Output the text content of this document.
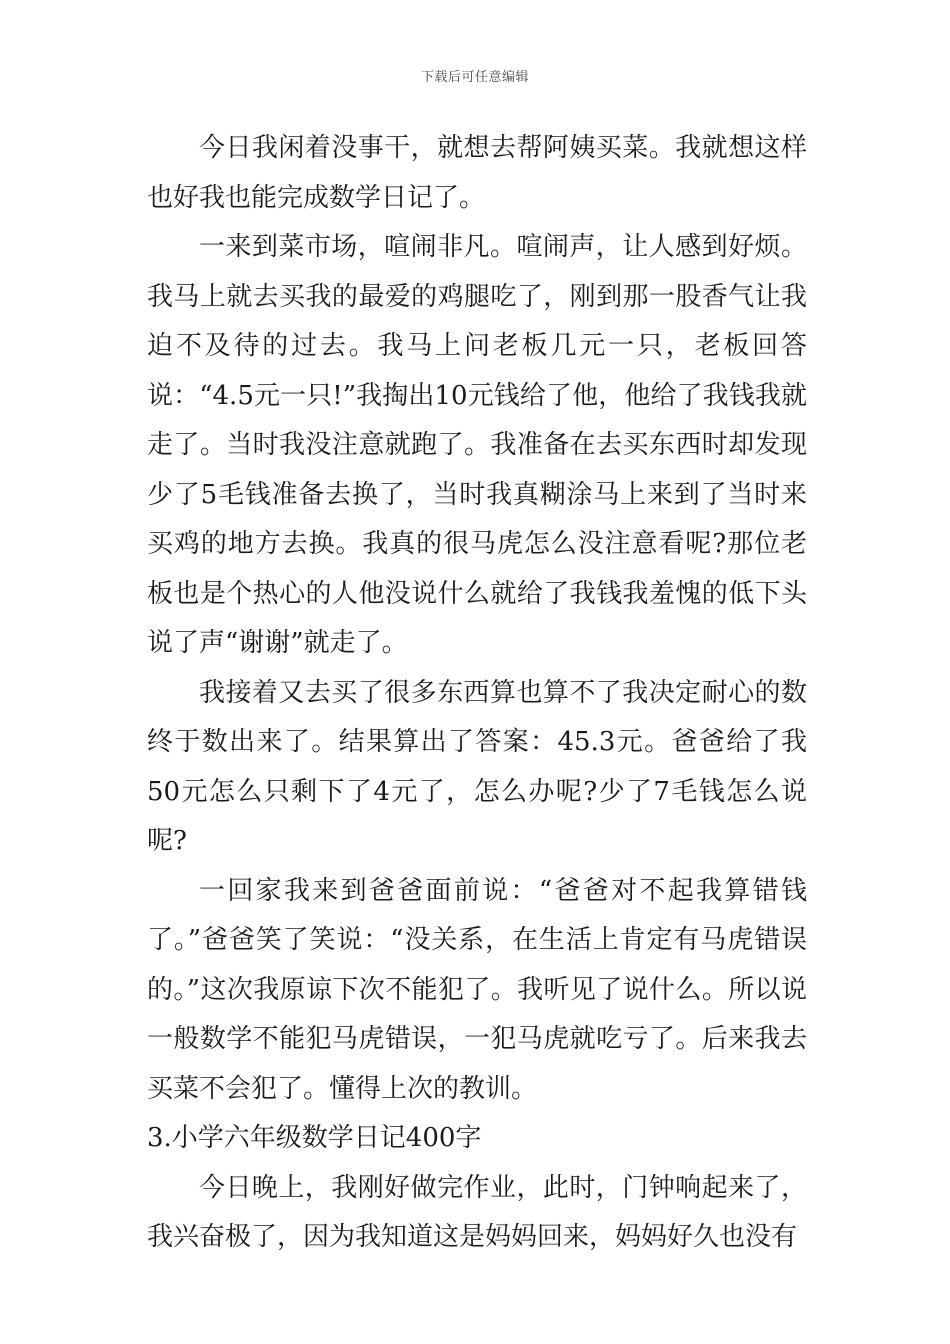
下载后可任意编辑

今日我闲着没事干，就想去帮阿姨买菜。我就想这样也好我也能完成数学日记了。

一来到菜市场，喧闹非凡。喧闹声，让人感到好烦。我马上就去买我的最爱的鸡腿吃了，刚到那一股香气让我迫不及待的过去。我马上问老板几元一只，老板回答说：“4.5元一只!”我掏出10元钱给了他，他给了我钱我就走了。当时我没注意就跑了。我准备在去买东西时却发现少了5毛钱准备去换了，当时我真糊涂马上来到了当时来买鸡的地方去换。我真的很马虎怎么没注意看呢?那位老板也是个热心的人他没说什么就给了我钱我羞愧的低下头说了声“谢谢”就走了。

我接着又去买了很多东西算也算不了我决定耐心的数终于数出来了。结果算出了答案：45.3元。爸爸给了我50元怎么只剩下了4元了，怎么办呢?少了7毛钱怎么说呢?

一回家我来到爸爸面前说：“爸爸对不起我算错钱了。”爸爸笑了笑说：“没关系，在生活上肯定有马虎错误的。”这次我原谅下次不能犯了。我听见了说什么。所以说一般数学不能犯马虎错误，一犯马虎就吃亏了。后来我去买菜不会犯了。懂得上次的教训。

3.小学六年级数学日记400字

今日晚上，我刚好做完作业，此时，门钟响起来了，我兴奋极了，因为我知道这是妈妈回来，妈妈好久也没有
